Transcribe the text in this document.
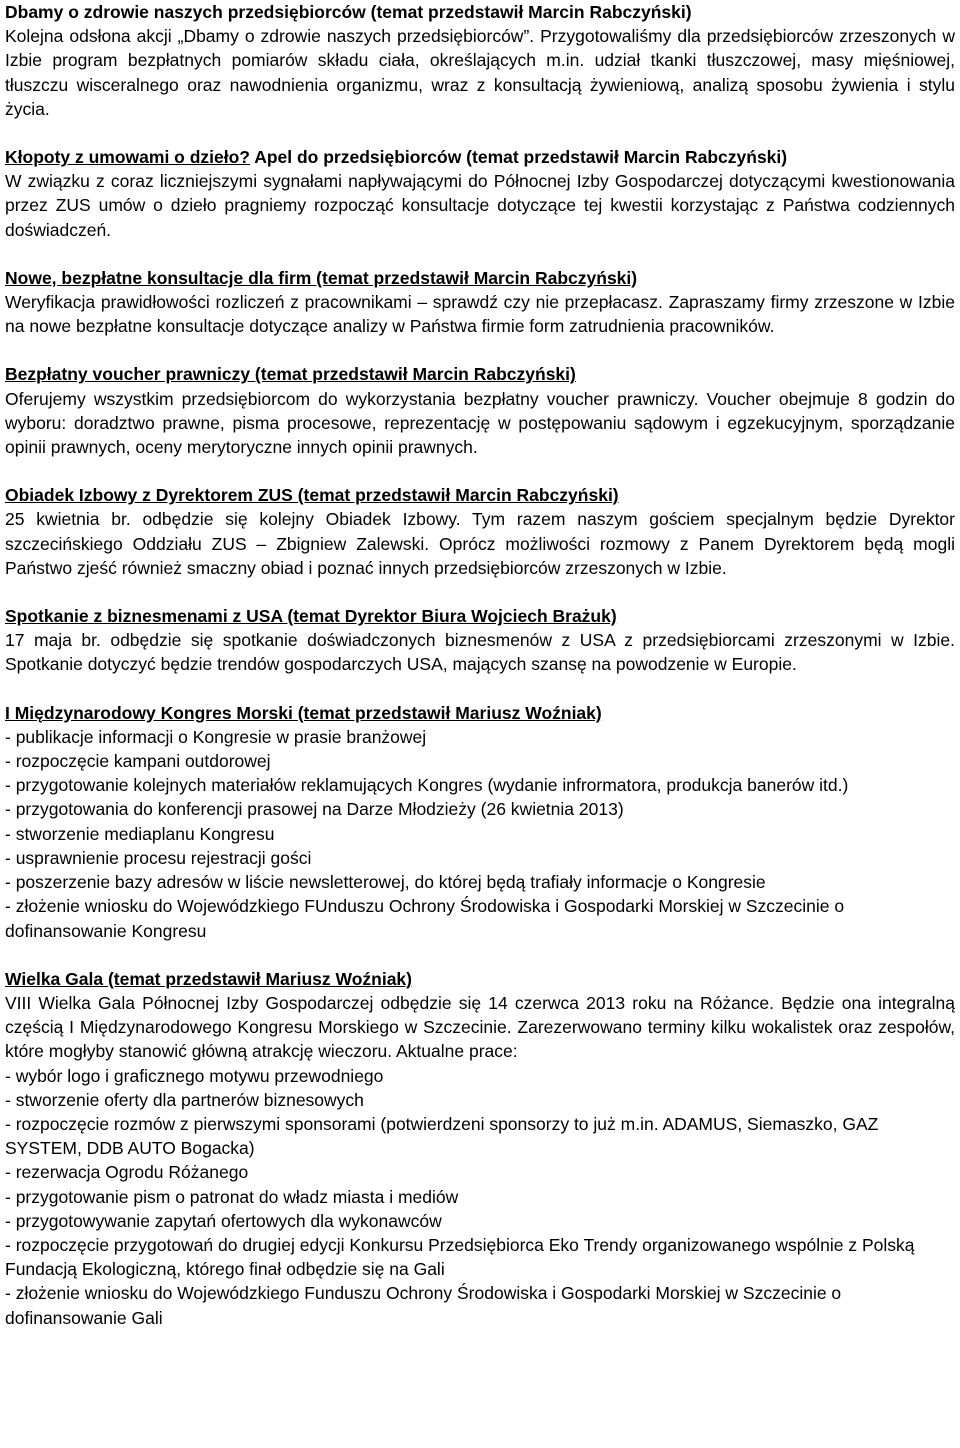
Dbamy o zdrowie naszych przedsiębiorców (temat przedstawił Marcin Rabczyński)
Kolejna odsłona akcji „Dbamy o zdrowie naszych przedsiębiorców”. Przygotowaliśmy dla przedsiębiorców zrzeszonych w Izbie program bezpłatnych pomiarów składu ciała, określających m.in. udział tkanki tłuszczowej, masy mięśniowej, tłuszczu wisceralnego oraz nawodnienia organizmu, wraz z konsultacją żywieniową, analizą sposobu żywienia i stylu życia.
Kłopoty z umowami o dzieło? Apel do przedsiębiorców (temat przedstawił Marcin Rabczyński)
W związku z coraz liczniejszymi sygnałami napływającymi do Północnej Izby Gospodarczej dotyczącymi kwestionowania przez ZUS umów o dzieło pragniemy rozpocząć konsultacje dotyczące tej kwestii korzystając z Państwa codziennych doświadczeń.
Nowe, bezpłatne konsultacje dla firm (temat przedstawił Marcin Rabczyński)
Weryfikacja prawidłowości rozliczeń z pracownikami – sprawdź czy nie przepłacasz. Zapraszamy firmy zrzeszone w Izbie na nowe bezpłatne konsultacje dotyczące analizy w Państwa firmie form zatrudnienia pracowników.
Bezpłatny voucher prawniczy (temat przedstawił Marcin Rabczyński)
Oferujemy wszystkim przedsiębiorcom do wykorzystania bezpłatny voucher prawniczy. Voucher obejmuje 8 godzin do wyboru: doradztwo prawne, pisma procesowe, reprezentację w postępowaniu sądowym i egzekucyjnym, sporządzanie opinii prawnych, oceny merytoryczne innych opinii prawnych.
Obiadek Izbowy z Dyrektorem ZUS (temat przedstawił Marcin Rabczyński)
25 kwietnia br. odbędzie się kolejny Obiadek Izbowy. Tym razem naszym gościem specjalnym będzie Dyrektor szczecińskiego Oddziału ZUS – Zbigniew Zalewski. Oprócz możliwości rozmowy z Panem Dyrektorem będą mogli Państwo zjeść również smaczny obiad i poznać innych przedsiębiorców zrzeszonych w Izbie.
Spotkanie z biznesmenami z USA (temat Dyrektor Biura Wojciech Brażuk)
17 maja br. odbędzie się spotkanie doświadczonych biznesmenów z USA z przedsiębiorcami zrzeszonymi w Izbie. Spotkanie dotyczyć będzie trendów gospodarczych USA, mających szansę na powodzenie w Europie.
I Międzynarodowy Kongres Morski (temat przedstawił Mariusz Woźniak)
- publikacje informacji o Kongresie w prasie branżowej
- rozpoczęcie kampani outdorowej
- przygotowanie kolejnych materiałów reklamujących Kongres (wydanie infrormatora, produkcja banerów itd.)
- przygotowania do konferencji prasowej na Darze Młodzieży (26 kwietnia 2013)
- stworzenie mediaplanu Kongresu
- usprawnienie procesu rejestracji gości
- poszerzenie bazy adresów w liście newsletterowej, do której będą trafiały informacje o Kongresie
- złożenie wniosku do Wojewódzkiego FUnduszu Ochrony Środowiska i Gospodarki Morskiej w Szczecinie o dofinansowanie Kongresu
Wielka Gala (temat przedstawił Mariusz Woźniak)
VIII Wielka Gala Północnej Izby Gospodarczej odbędzie się 14 czerwca 2013 roku na Różance. Będzie ona integralną częścią I Międzynarodowego Kongresu Morskiego w Szczecinie. Zarezerwowano terminy kilku wokalistek oraz zespołów, które mogłyby stanowić główną atrakcję wieczoru. Aktualne prace:
- wybór logo i graficznego motywu przewodniego
- stworzenie oferty dla partnerów biznesowych
- rozpoczęcie rozmów z pierwszymi sponsorami (potwierdzeni sponsorzy to już m.in. ADAMUS, Siemaszko, GAZ SYSTEM, DDB AUTO Bogacka)
- rezerwacja Ogrodu Różanego
- przygotowanie pism o patronat do władz miasta i mediów
- przygotowywanie zapytań ofertowych dla wykonawców
- rozpoczęcie przygotowań do drugiej edycji Konkursu Przedsiębiorca Eko Trendy organizowanego wspólnie z Polską Fundacją Ekologiczną, którego finał odbędzie się na Gali
- złożenie wniosku do Wojewódzkiego Funduszu Ochrony Środowiska i Gospodarki Morskiej w Szczecinie o dofinansowanie Gali
